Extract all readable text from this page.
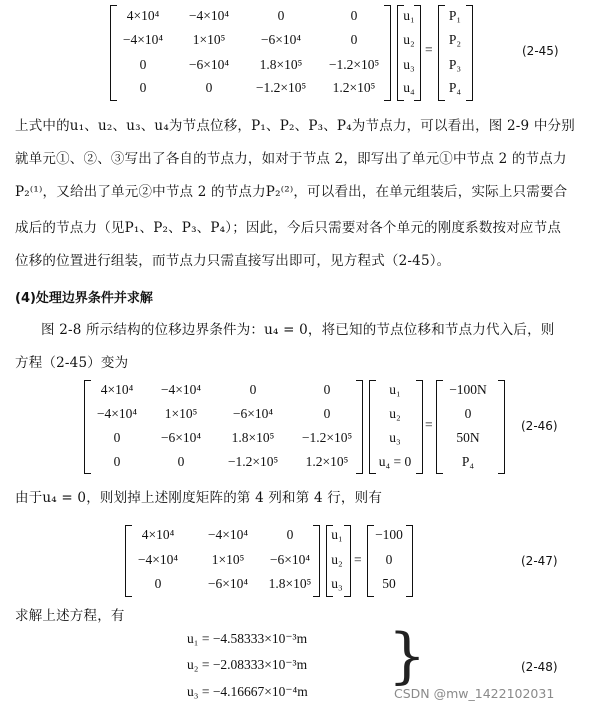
4×10⁴ −4×10⁴	0	0
−4×10⁴ 1×10⁵	−6×10⁴	0
0	−6×10⁴ 1.8×10⁵ −1.2×10⁵
0	0	−1.2×10⁵ 1.2×10⁵
u₁
u₂
u₃
u₄
=
P₁
P₂
P₃
P₄
(2-45)
上式中的u₁、u₂、u₃、u₄为节点位移，P₁、P₂、P₃、P₄为节点力，可以看出，图 2-9 中分别
就单元①、②、③写出了各自的节点力，如对于节点 2，即写出了单元①中节点 2 的节点力
P₂⁽¹⁾，又给出了单元②中节点 2 的节点力P₂⁽²⁾，可以看出，在单元组装后，实际上只需要合
成后的节点力（见P₁、P₂、P₃、P₄）；因此，今后只需要对各个单元的刚度系数按对应节点
位移的位置进行组装，而节点力只需直接写出即可，见方程式（2-45）。
(4)处理边界条件并求解
图 2-8 所示结构的位移边界条件为：u₄ = 0，将已知的节点位移和节点力代入后，则
方程（2-45）变为
4×10⁴ −4×10⁴	0	0
−4×10⁴ 1×10⁵	−6×10⁴	0
0	−6×10⁴ 1.8×10⁵ −1.2×10⁵
0	0	−1.2×10⁵ 1.2×10⁵
u₁
u₂
u₃
u₄ = 0
=
−100N
0
50N
P₄
(2-46)
由于u₄ = 0，则划掉上述刚度矩阵的第 4 列和第 4 行，则有
4×10⁴ −4×10⁴	0
−4×10⁴ 1×10⁵ −6×10⁴
0	−6×10⁴ 1.8×10⁵
u₁
u₂
u₃
=
−100
0
50
(2-47)
求解上述方程，有
u₁ = −4.58333×10⁻³m
u₂ = −2.08333×10⁻³m
u₃ = −4.16667×10⁻⁴m
}	(2-48)
CSDN @mw_1422102031
